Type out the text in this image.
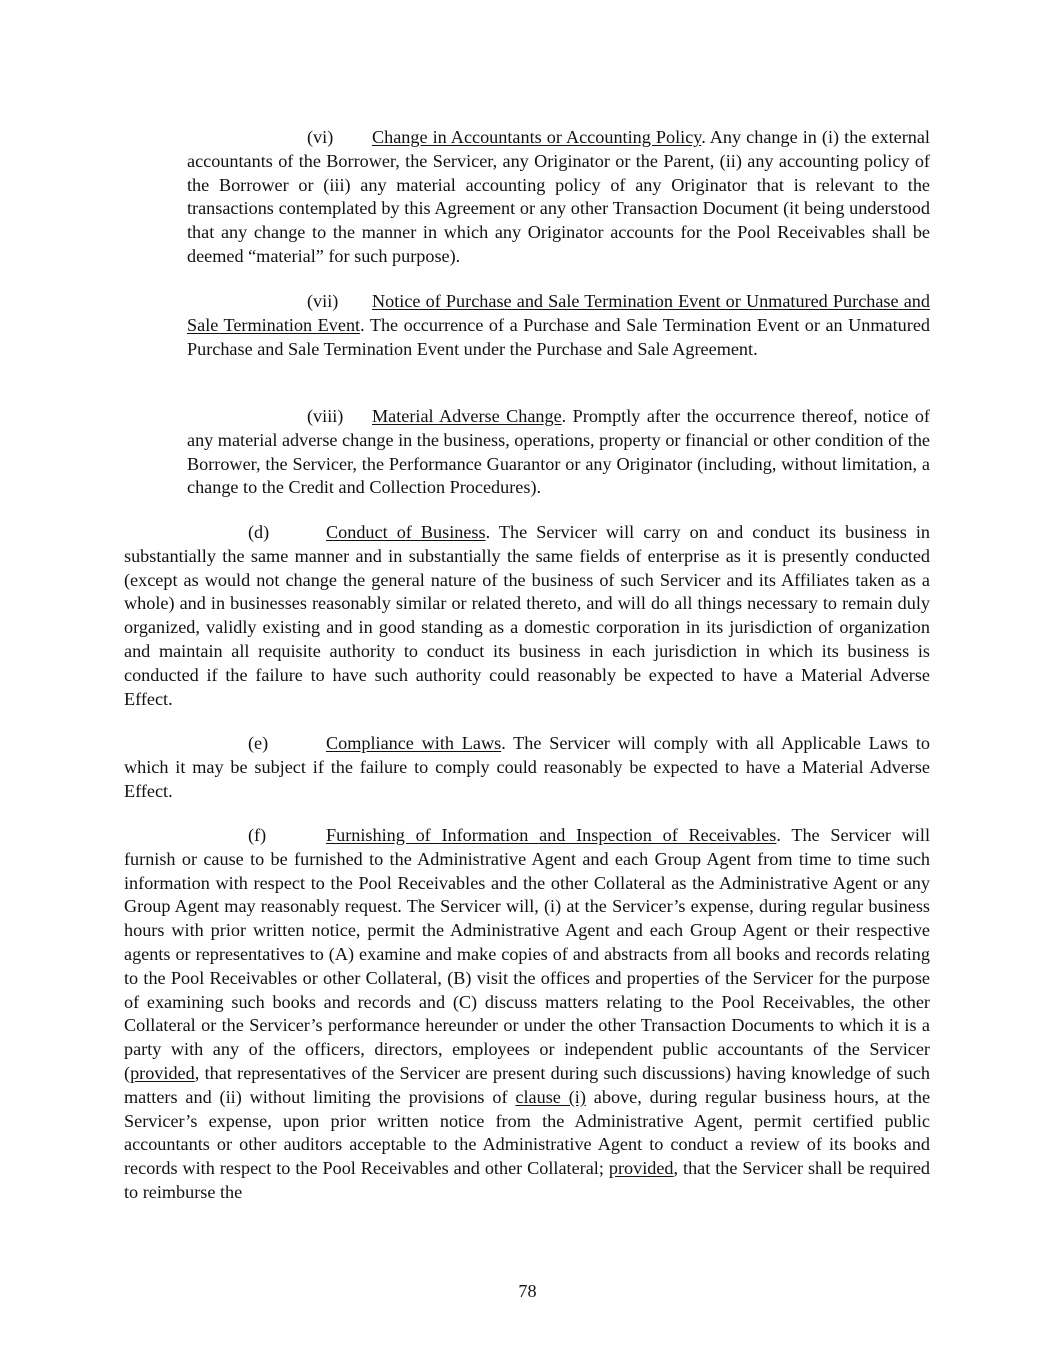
(vi) Change in Accountants or Accounting Policy. Any change in (i) the external accountants of the Borrower, the Servicer, any Originator or the Parent, (ii) any accounting policy of the Borrower or (iii) any material accounting policy of any Originator that is relevant to the transactions contemplated by this Agreement or any other Transaction Document (it being understood that any change to the manner in which any Originator accounts for the Pool Receivables shall be deemed “material” for such purpose).

(vii) Notice of Purchase and Sale Termination Event or Unmatured Purchase and Sale Termination Event. The occurrence of a Purchase and Sale Termination Event or an Unmatured Purchase and Sale Termination Event under the Purchase and Sale Agreement.

(viii) Material Adverse Change. Promptly after the occurrence thereof, notice of any material adverse change in the business, operations, property or financial or other condition of the Borrower, the Servicer, the Performance Guarantor or any Originator (including, without limitation, a change to the Credit and Collection Procedures).

(d)	Conduct of Business. The Servicer will carry on and conduct its business in substantially the same manner and in substantially the same fields of enterprise as it is presently conducted (except as would not change the general nature of the business of such Servicer and its Affiliates taken as a whole) and in businesses reasonably similar or related thereto, and will do all things necessary to remain duly organized, validly existing and in good standing as a domestic corporation in its jurisdiction of organization and maintain all requisite authority to conduct its business in each jurisdiction in which its business is conducted if the failure to have such authority could reasonably be expected to have a Material Adverse Effect.

(e)	Compliance with Laws. The Servicer will comply with all Applicable Laws to which it may be subject if the failure to comply could reasonably be expected to have a Material Adverse Effect.

(f)	Furnishing of Information and Inspection of Receivables. The Servicer will furnish or cause to be furnished to the Administrative Agent and each Group Agent from time to time such information with respect to the Pool Receivables and the other Collateral as the Administrative Agent or any Group Agent may reasonably request. The Servicer will, (i) at the Servicer’s expense, during regular business hours with prior written notice, permit the Administrative Agent and each Group Agent or their respective agents or representatives to (A) examine and make copies of and abstracts from all books and records relating to the Pool Receivables or other Collateral, (B) visit the offices and properties of the Servicer for the purpose of examining such books and records and (C) discuss matters relating to the Pool Receivables, the other Collateral or the Servicer’s performance hereunder or under the other Transaction Documents to which it is a party with any of the officers, directors, employees or independent public accountants of the Servicer (provided, that representatives of the Servicer are present during such discussions) having knowledge of such matters and (ii) without limiting the provisions of clause (i) above, during regular business hours, at the Servicer’s expense, upon prior written notice from the Administrative Agent, permit certified public accountants or other auditors acceptable to the Administrative Agent to conduct a review of its books and records with respect to the Pool Receivables and other Collateral; provided, that the Servicer shall be required to reimburse the

78
